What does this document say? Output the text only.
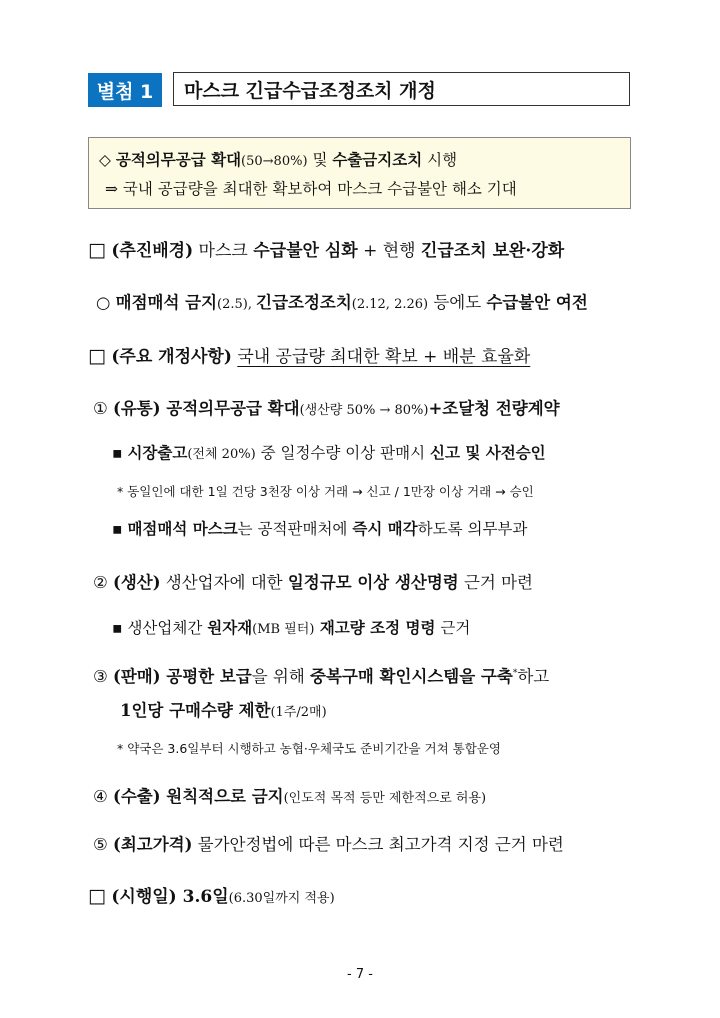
별첨 1	마스크 긴급수급조정조치 개정
◇ 공적의무공급 확대(50→80%) 및 수출금지조치 시행
⇒ 국내 공급량을 최대한 확보하여 마스크 수급불안 해소 기대
□ (추진배경) 마스크 수급불안 심화 + 현행 긴급조치 보완·강화
○ 매점매석 금지(2.5), 긴급조정조치(2.12, 2.26) 등에도 수급불안 여전
□ (주요 개정사항) 국내 공급량 최대한 확보 + 배분 효율화
① (유통) 공적의무공급 확대(생산량 50% → 80%)+조달청 전량계약
▪ 시장출고(전체 20%) 중 일정수량 이상 판매시 신고 및 사전승인
* 동일인에 대한 1일 건당 3천장 이상 거래 → 신고 / 1만장 이상 거래 → 승인
▪ 매점매석 마스크는 공적판매처에 즉시 매각하도록 의무부과
② (생산) 생산업자에 대한 일정규모 이상 생산명령 근거 마련
▪ 생산업체간 원자재(MB 필터) 재고량 조정 명령 근거
③ (판매) 공평한 보급을 위해 중복구매 확인시스템을 구축*하고
1인당 구매수량 제한(1주/2매)
* 약국은 3.6일부터 시행하고 농협·우체국도 준비기간을 거쳐 통합운영
④ (수출) 원칙적으로 금지(인도적 목적 등만 제한적으로 허용)
⑤ (최고가격) 물가안정법에 따른 마스크 최고가격 지정 근거 마련
□ (시행일) 3.6일(6.30일까지 적용)
- 7 -
